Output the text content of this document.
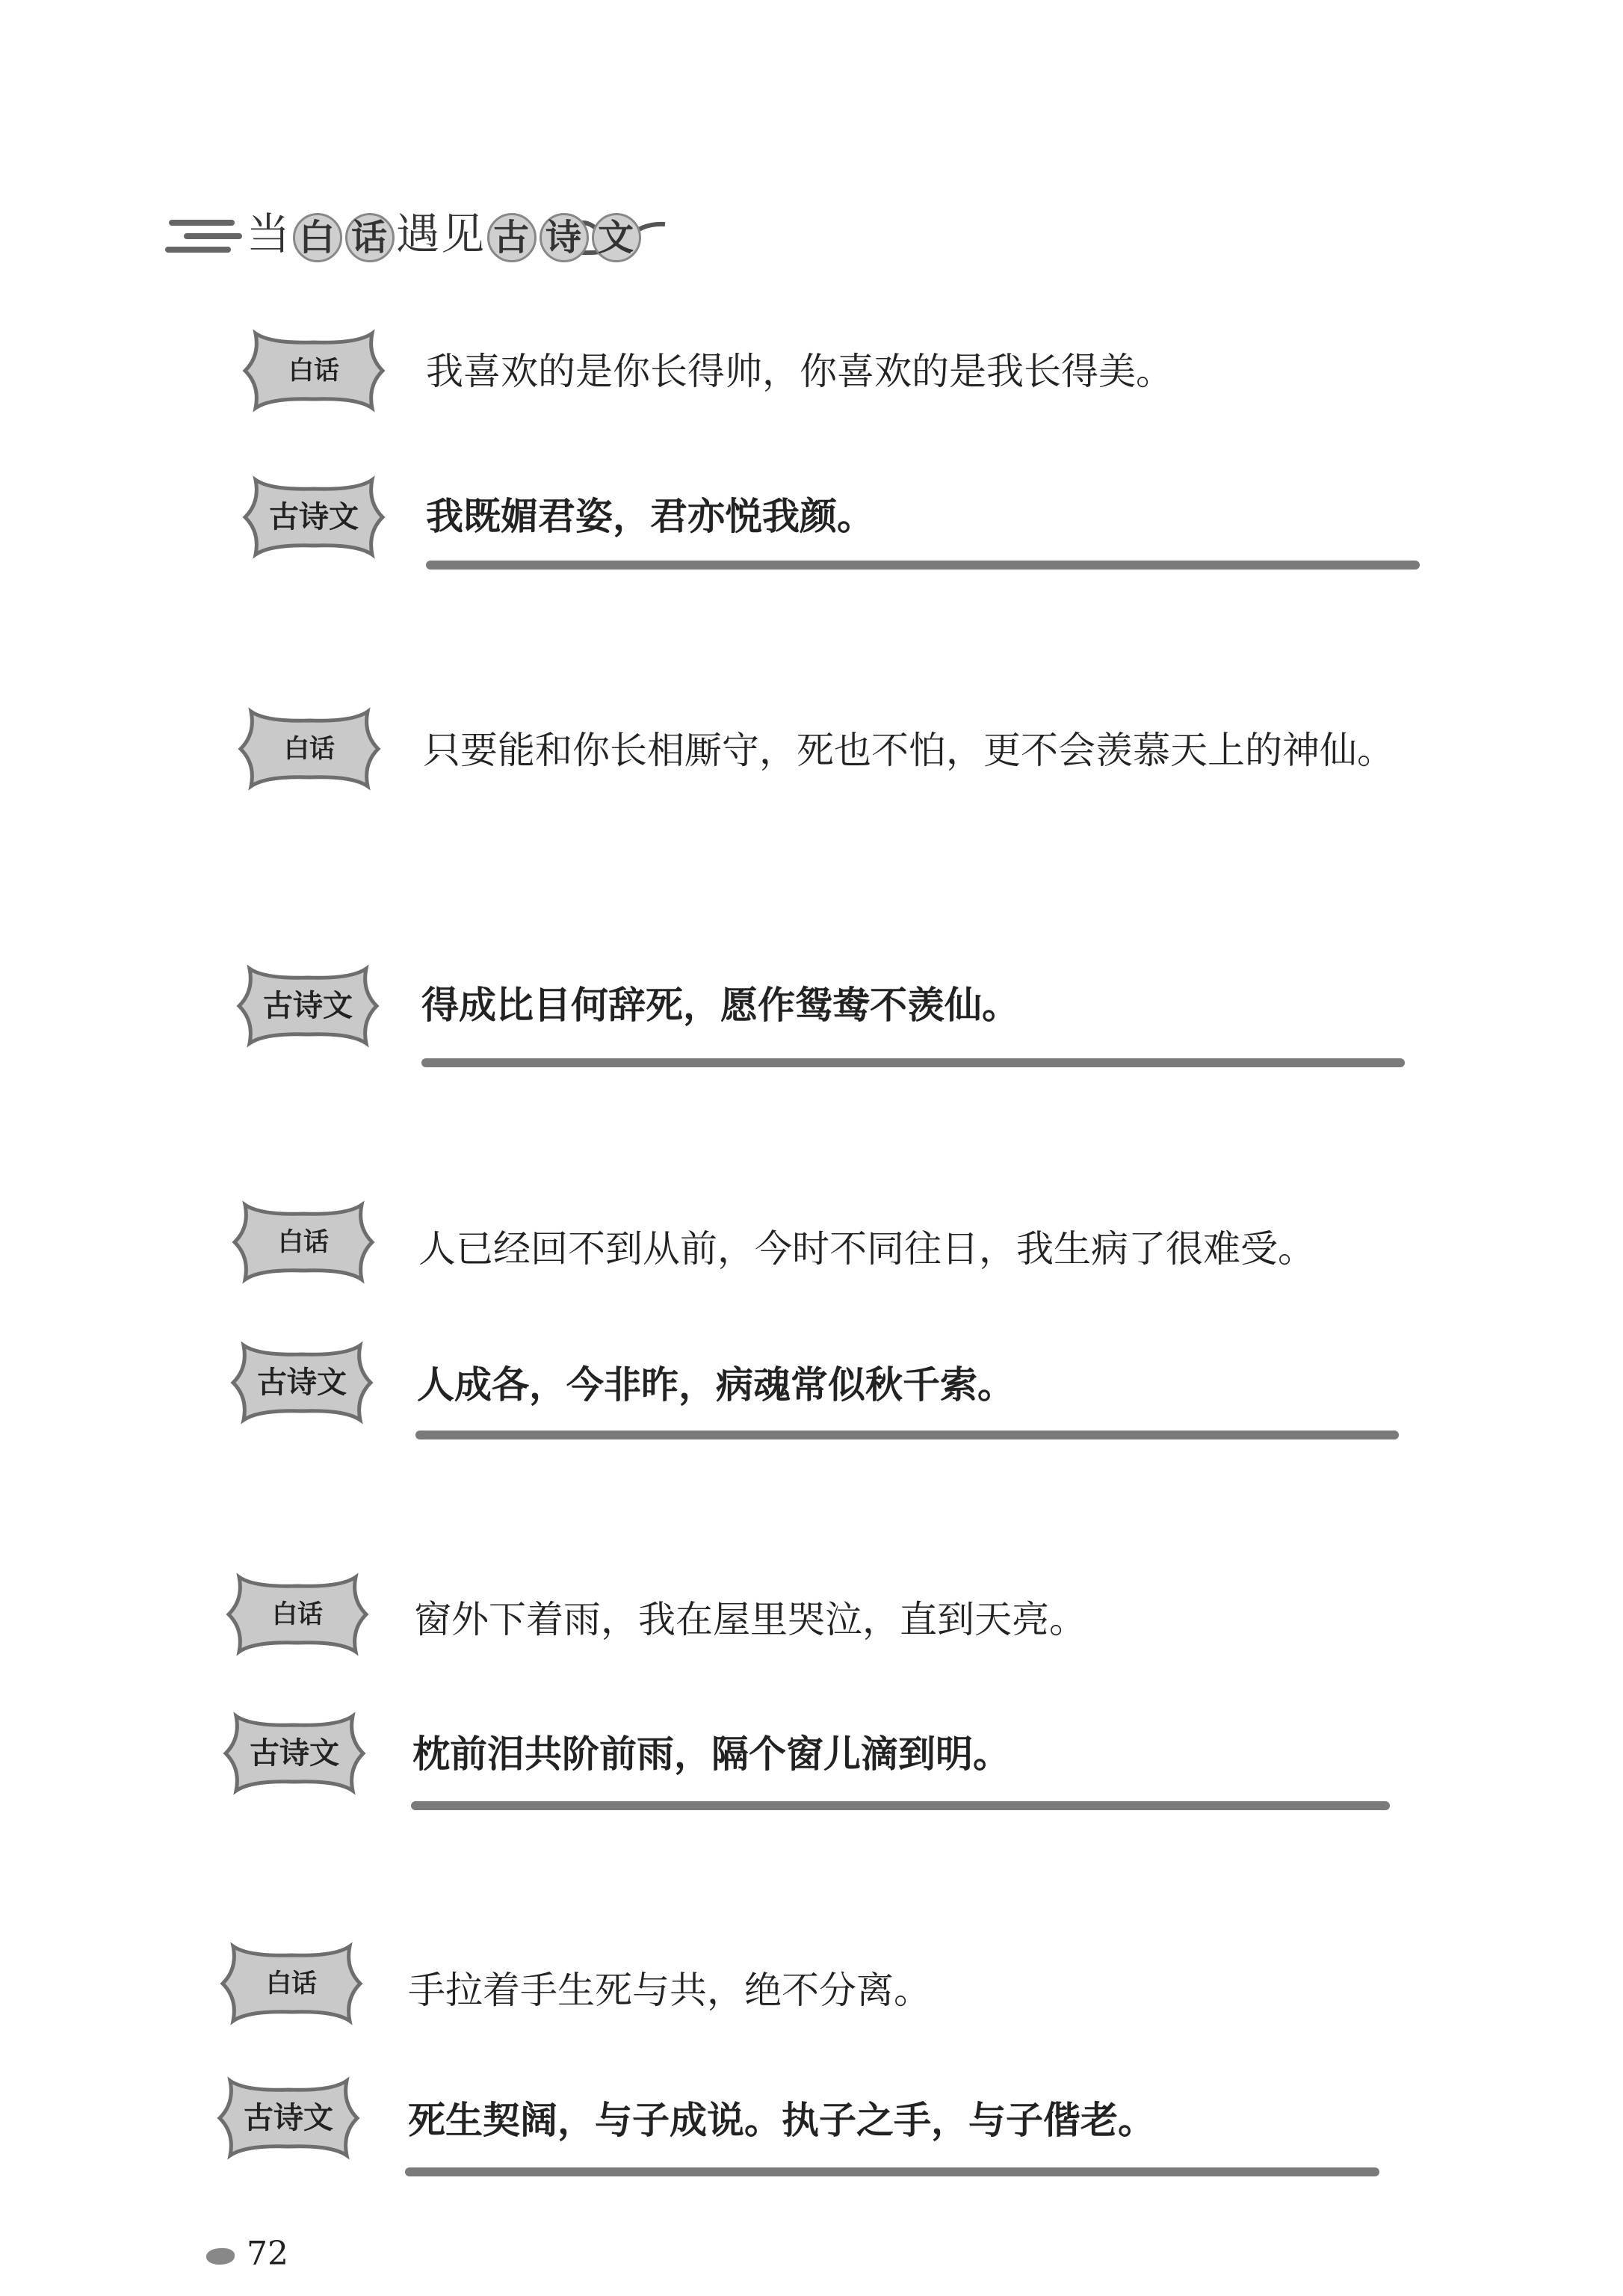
当 白 话 遇见 古 诗 文
白话	我喜欢的是你长得帅，你喜欢的是我长得美。
古诗文	我既媚君姿，君亦悦我颜。
白话	只要能和你长相厮守，死也不怕，更不会羡慕天上的神仙。
古诗文	得成比目何辞死，愿作鸳鸯不羡仙。
白话	人已经回不到从前，今时不同往日，我生病了很难受。
古诗文	人成各，今非昨，病魂常似秋千索。
白话	窗外下着雨，我在屋里哭泣，直到天亮。
古诗文	枕前泪共阶前雨，隔个窗儿滴到明。
白话	手拉着手生死与共，绝不分离。
古诗文	死生契阔，与子成说。执子之手，与子偕老。
72
